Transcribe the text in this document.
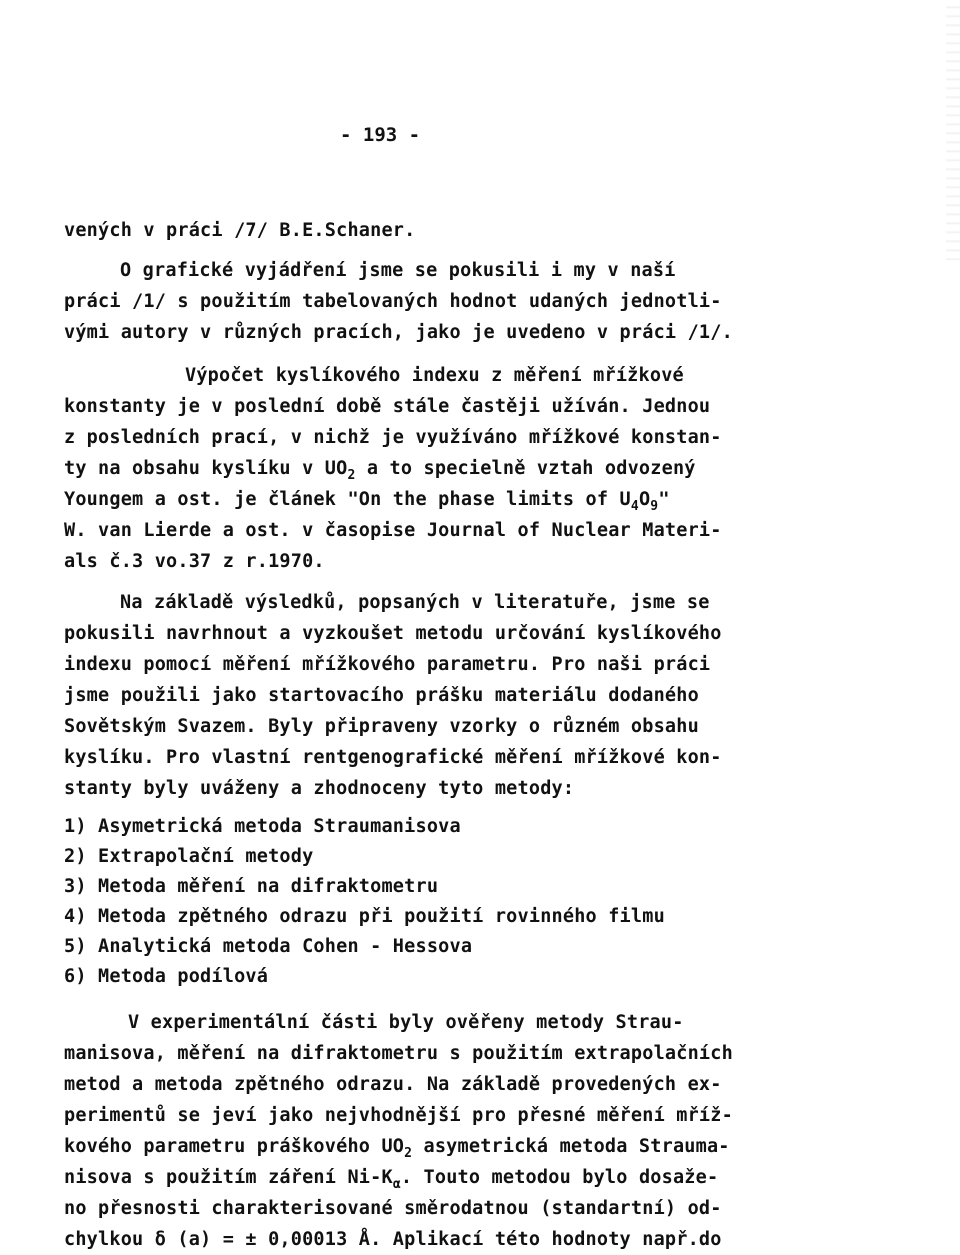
- 193 -
vených v práci /7/ B.E.Schaner.
O grafické vyjádření jsme se pokusili i my v naší
práci /1/ s použitím tabelovaných hodnot udaných jednotli-
vými autory v různých pracích, jako je uvedeno v práci /1/.
Výpočet kyslíkového indexu z měření mřížkové
konstanty je v poslední době stále častěji užíván. Jednou
z posledních prací, v nichž je využíváno mřížkové konstan-
ty na obsahu kyslíku v $UO_2$ a to specielně vztah odvozený
Youngem a ost. je článek "On the phase limits of $U_4O_9$"
W. van Lierde a ost. v časopise Journal of Nuclear Materi-
als č.3 vo.37 z r.1970.
Na základě výsledků, popsaných v literatuře, jsme se
pokusili navrhnout a vyzkoušet metodu určování kyslíkového
indexu pomocí měření mřížkového parametru. Pro naši práci
jsme použili jako startovacího prášku materiálu dodaného
Sovětským Svazem. Byly připraveny vzorky o různém obsahu
kyslíku. Pro vlastní rentgenografické měření mřížkové kon-
stanty byly uváženy a zhodnoceny tyto metody:
1) Asymetrická metoda Straumanisova
2) Extrapolační metody
3) Metoda měření na difraktometru
4) Metoda zpětného odrazu při použití rovinného filmu
5) Analytická metoda Cohen - Hessova
6) Metoda podílová
V experimentální části byly ověřeny metody Strau-
manisova, měření na difraktometru s použitím extrapolačních
metod a metoda zpětného odrazu. Na základě provedených ex-
perimentů se jeví jako nejvhodnější pro přesné měření mříž-
kového parametru práškového $UO_2$ asymetrická metoda Strauma-
nisova s použitím záření $Ni-K_\alpha$. Touto metodou bylo dosaže-
no přesnosti charakterisované směrodatnou (standartní) od-
chylkou δ (a) = ± 0,00013 Å. Aplikací této hodnoty např.do
